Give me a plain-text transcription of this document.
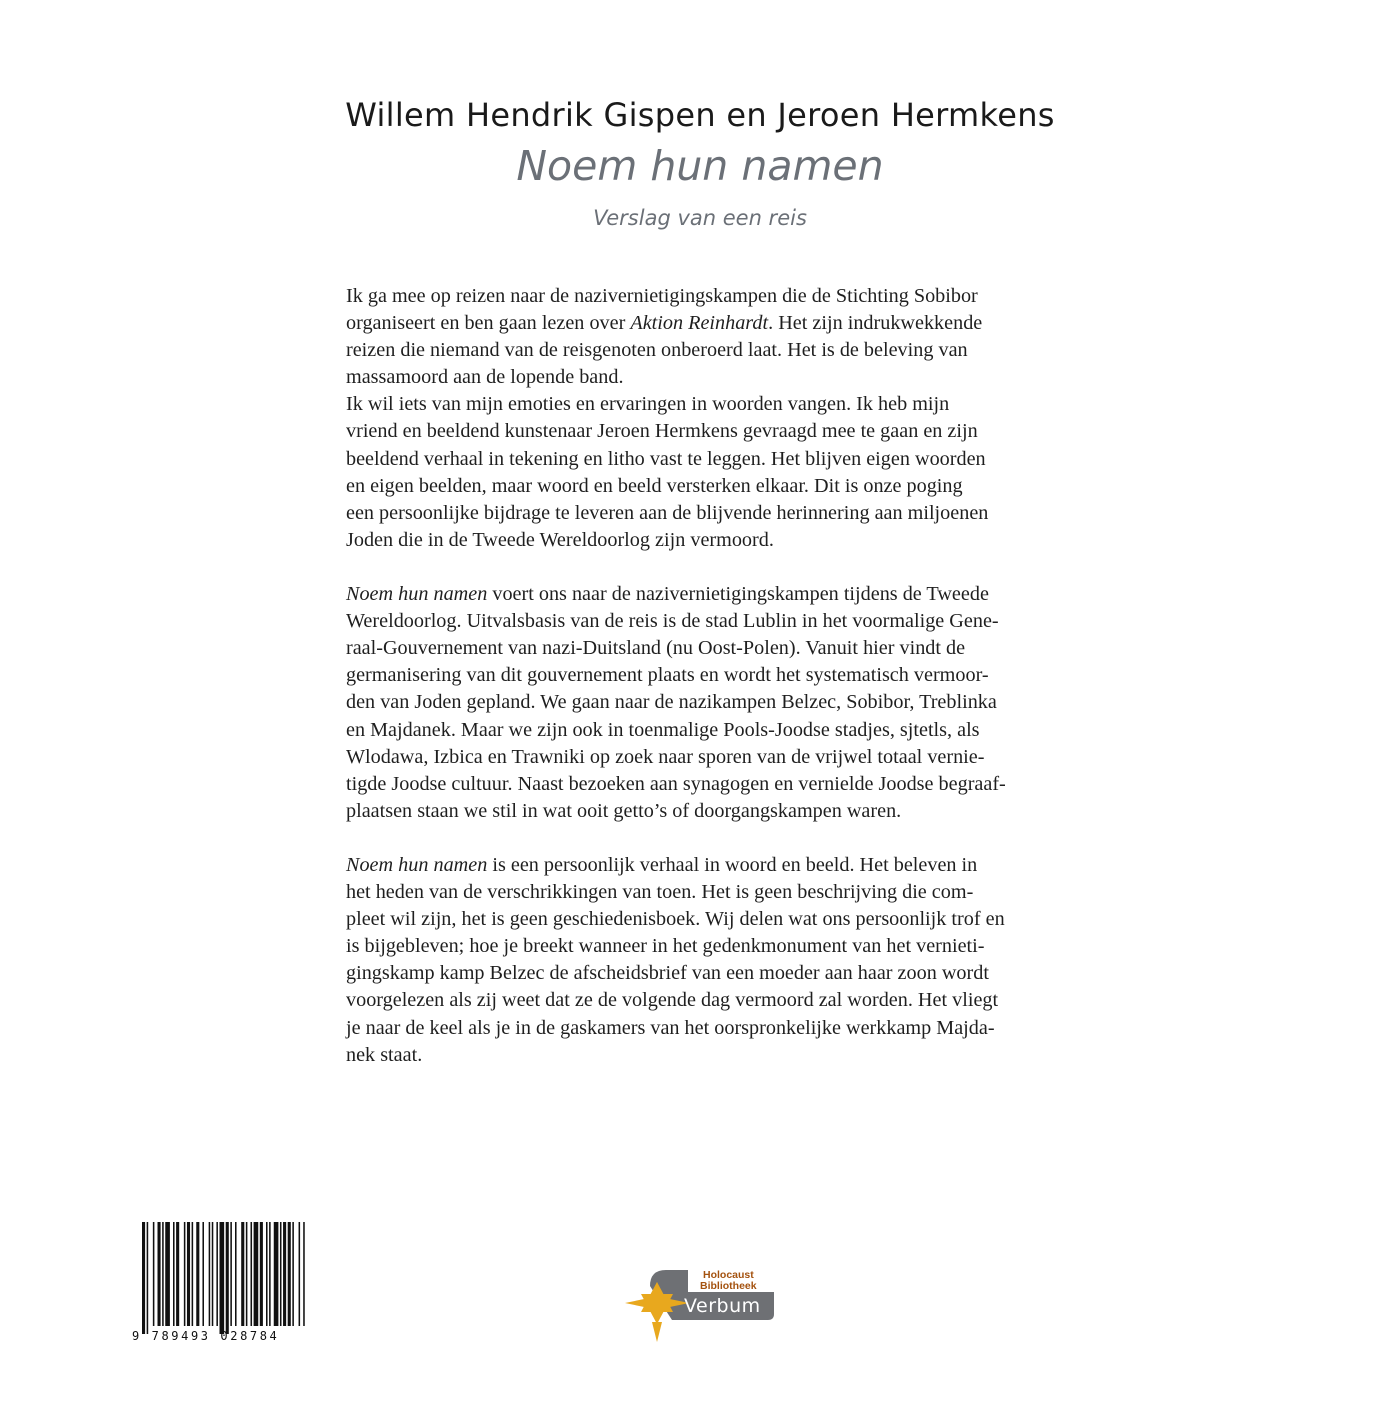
Willem Hendrik Gispen en Jeroen Hermkens
Noem hun namen
Verslag van een reis

Ik ga mee op reizen naar de nazivernietigingskampen die de Stichting Sobibor
organiseert en ben gaan lezen over Aktion Reinhardt. Het zijn indrukwekkende
reizen die niemand van de reisgenoten onberoerd laat. Het is de beleving van
massamoord aan de lopende band.
Ik wil iets van mijn emoties en ervaringen in woorden vangen. Ik heb mijn
vriend en beeldend kunstenaar Jeroen Hermkens gevraagd mee te gaan en zijn
beeldend verhaal in tekening en litho vast te leggen. Het blijven eigen woorden
en eigen beelden, maar woord en beeld versterken elkaar. Dit is onze poging
een persoonlijke bijdrage te leveren aan de blijvende herinnering aan miljoenen
Joden die in de Tweede Wereldoorlog zijn vermoord.

Noem hun namen voert ons naar de nazivernietigingskampen tijdens de Tweede
Wereldoorlog. Uitvalsbasis van de reis is de stad Lublin in het voormalige Gene-
raal-Gouvernement van nazi-Duitsland (nu Oost-Polen). Vanuit hier vindt de
germanisering van dit gouvernement plaats en wordt het systematisch vermoor-
den van Joden gepland. We gaan naar de nazikampen Belzec, Sobibor, Treblinka
en Majdanek. Maar we zijn ook in toenmalige Pools-Joodse stadjes, sjtetls, als
Wlodawa, Izbica en Trawniki op zoek naar sporen van de vrijwel totaal vernie-
tigde Joodse cultuur. Naast bezoeken aan synagogen en vernielde Joodse begraaf-
plaatsen staan we stil in wat ooit getto’s of doorgangskampen waren.

Noem hun namen is een persoonlijk verhaal in woord en beeld. Het beleven in
het heden van de verschrikkingen van toen. Het is geen beschrijving die com-
pleet wil zijn, het is geen geschiedenisboek. Wij delen wat ons persoonlijk trof en
is bijgebleven; hoe je breekt wanneer in het gedenkmonument van het vernieti-
gingskamp kamp Belzec de afscheidsbrief van een moeder aan haar zoon wordt
voorgelezen als zij weet dat ze de volgende dag vermoord zal worden. Het vliegt
je naar de keel als je in de gaskamers van het oorspronkelijke werkkamp Majda-
nek staat.

9 789493 028784
Holocaust
Bibliotheek
Verbum
